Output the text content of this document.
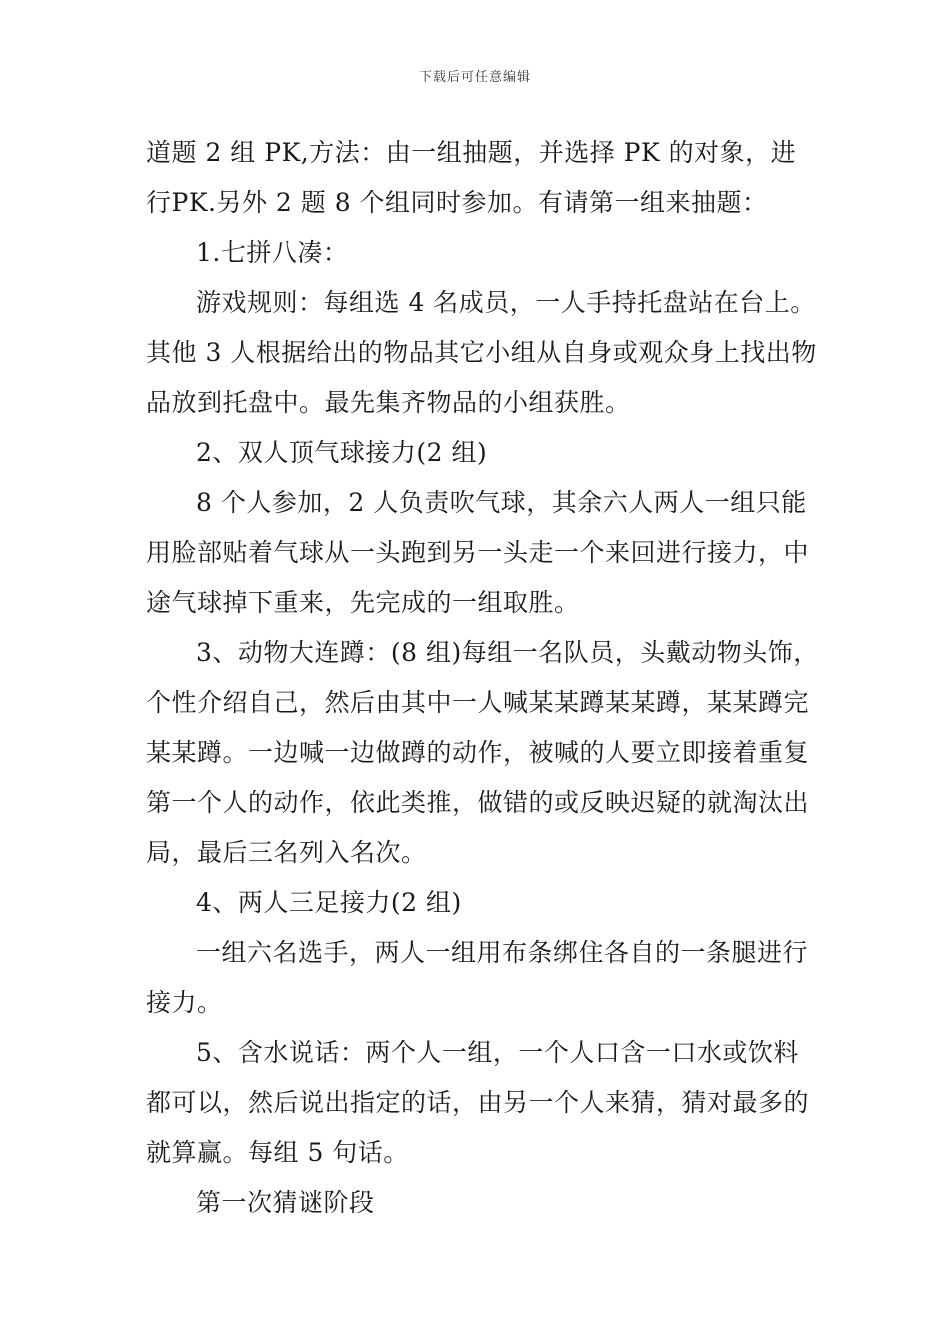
下载后可任意编辑

道题 2 组 PK,方法：由一组抽题，并选择 PK 的对象，进行PK.另外 2 题 8 个组同时参加。有请第一组来抽题：

1.七拼八凑：

游戏规则：每组选 4 名成员，一人手持托盘站在台上。其他 3 人根据给出的物品其它小组从自身或观众身上找出物品放到托盘中。最先集齐物品的小组获胜。

2、双人顶气球接力(2 组)

8 个人参加，2 人负责吹气球，其余六人两人一组只能用脸部贴着气球从一头跑到另一头走一个来回进行接力，中途气球掉下重来，先完成的一组取胜。

3、动物大连蹲：(8 组)每组一名队员，头戴动物头饰，个性介绍自己，然后由其中一人喊某某蹲某某蹲，某某蹲完某某蹲。一边喊一边做蹲的动作，被喊的人要立即接着重复第一个人的动作，依此类推，做错的或反映迟疑的就淘汰出局，最后三名列入名次。

4、两人三足接力(2 组)

一组六名选手，两人一组用布条绑住各自的一条腿进行接力。

5、含水说话：两个人一组，一个人口含一口水或饮料都可以，然后说出指定的话，由另一个人来猜，猜对最多的就算赢。每组 5 句话。

第一次猜谜阶段
